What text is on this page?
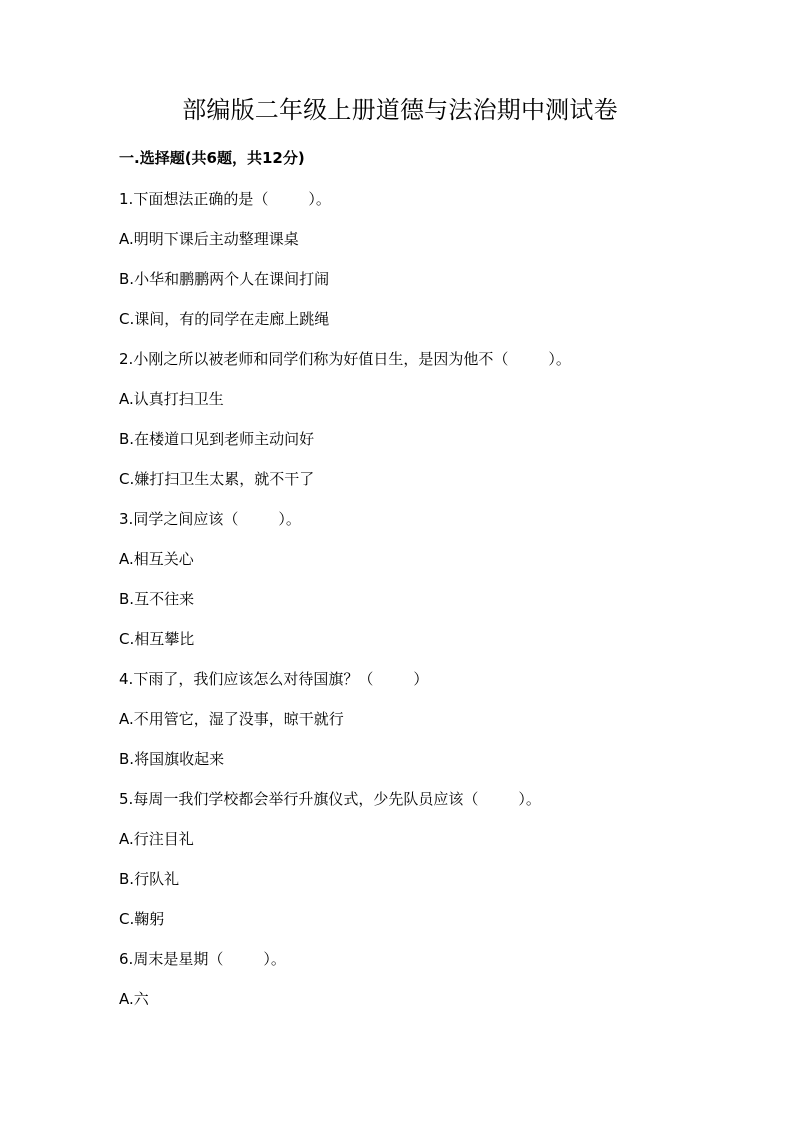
部编版二年级上册道德与法治期中测试卷
一.选择题(共6题，共12分)
1.下面想法正确的是（	）。
A.明明下课后主动整理课桌
B.小华和鹏鹏两个人在课间打闹
C.课间，有的同学在走廊上跳绳
2.小刚之所以被老师和同学们称为好值日生，是因为他不（	）。
A.认真打扫卫生
B.在楼道口见到老师主动问好
C.嫌打扫卫生太累，就不干了
3.同学之间应该（	）。
A.相互关心
B.互不往来
C.相互攀比
4.下雨了，我们应该怎么对待国旗？（	）
A.不用管它，湿了没事，晾干就行
B.将国旗收起来
5.每周一我们学校都会举行升旗仪式，少先队员应该（	）。
A.行注目礼
B.行队礼
C.鞠躬
6.周末是星期（	）。
A.六
